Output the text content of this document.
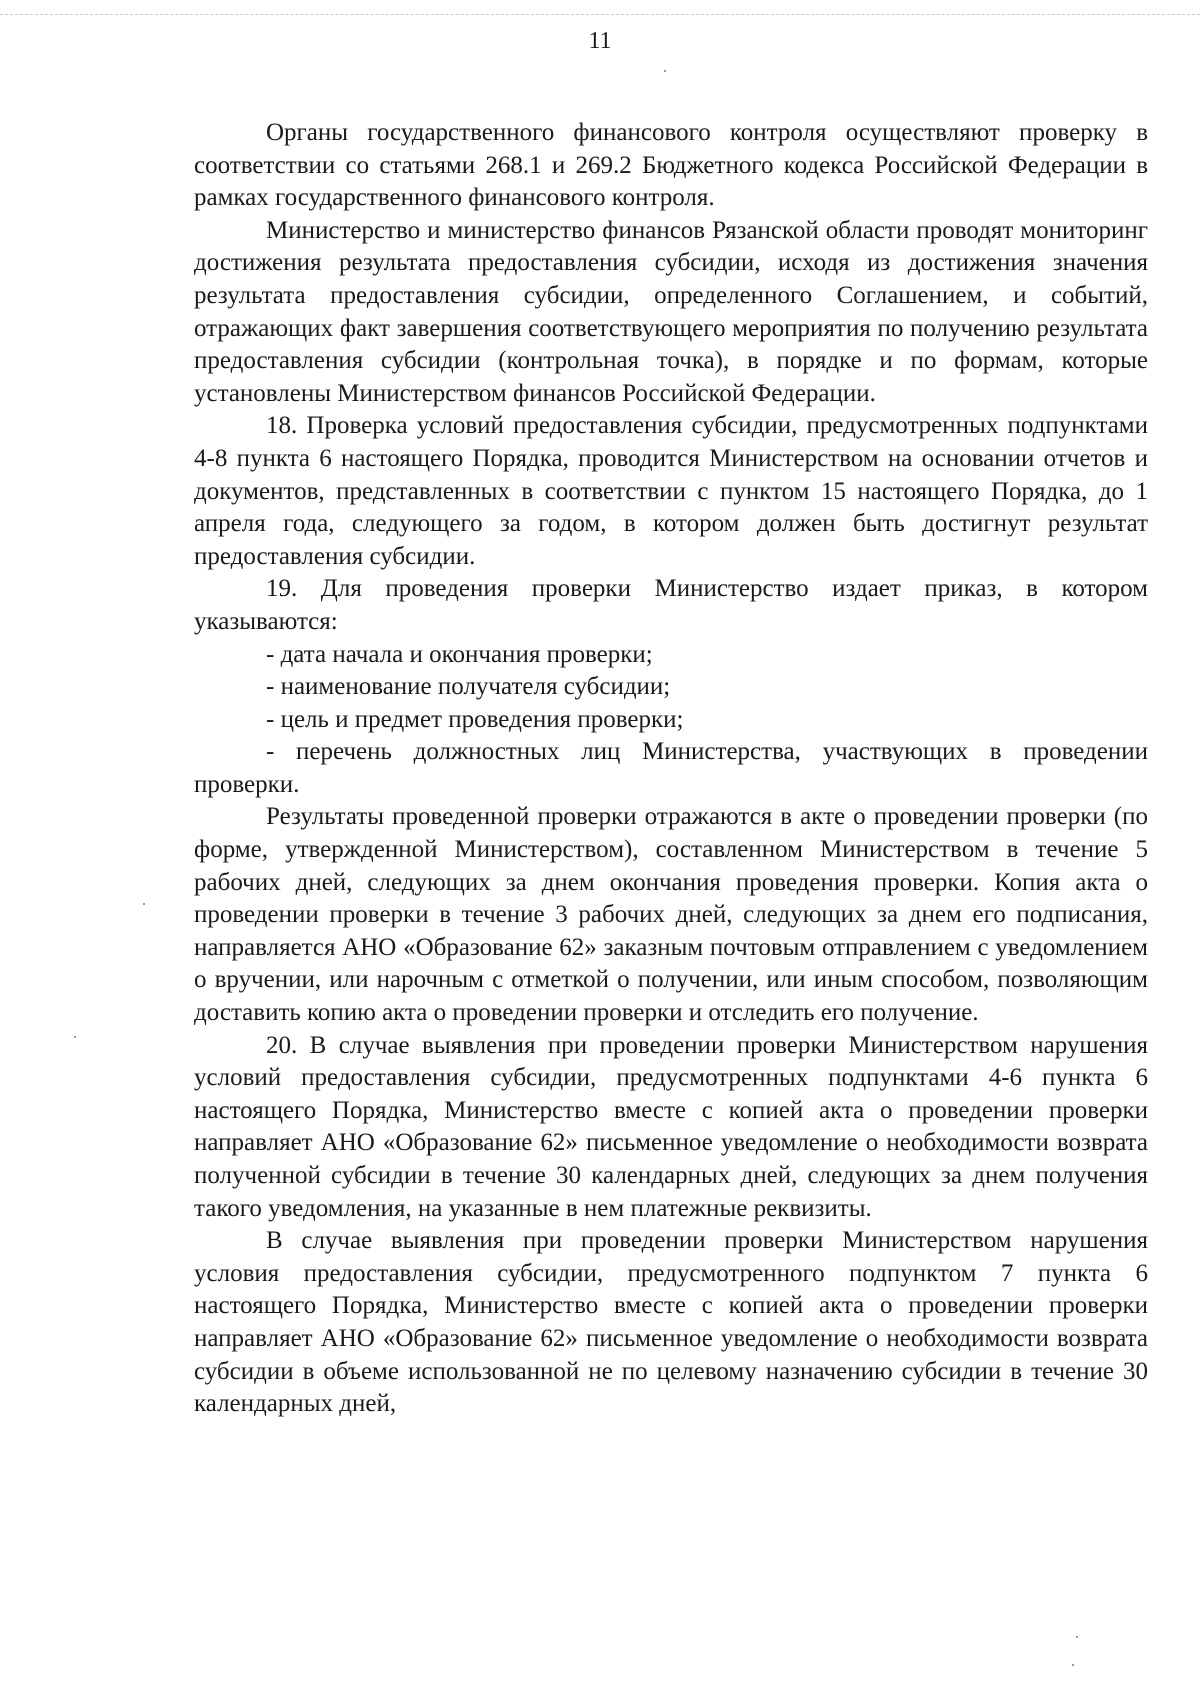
11

Органы государственного финансового контроля осуществляют проверку в соответствии со статьями 268.1 и 269.2 Бюджетного кодекса Российской Федерации в рамках государственного финансового контроля.

Министерство и министерство финансов Рязанской области проводят мониторинг достижения результата предоставления субсидии, исходя из достижения значения результата предоставления субсидии, определенного Соглашением, и событий, отражающих факт завершения соответствующего мероприятия по получению результата предоставления субсидии (контрольная точка), в порядке и по формам, которые установлены Министерством финансов Российской Федерации.

18. Проверка условий предоставления субсидии, предусмотренных подпунктами 4-8 пункта 6 настоящего Порядка, проводится Министерством на основании отчетов и документов, представленных в соответствии с пунктом 15 настоящего Порядка, до 1 апреля года, следующего за годом, в котором должен быть достигнут результат предоставления субсидии.

19. Для проведения проверки Министерство издает приказ, в котором указываются:

- дата начала и окончания проверки;

- наименование получателя субсидии;

- цель и предмет проведения проверки;

- перечень должностных лиц Министерства, участвующих в проведении проверки.

Результаты проведенной проверки отражаются в акте о проведении проверки (по форме, утвержденной Министерством), составленном Министерством в течение 5 рабочих дней, следующих за днем окончания проведения проверки. Копия акта о проведении проверки в течение 3 рабочих дней, следующих за днем его подписания, направляется АНО «Образование 62» заказным почтовым отправлением с уведомлением о вручении, или нарочным с отметкой о получении, или иным способом, позволяющим доставить копию акта о проведении проверки и отследить его получение.

20. В случае выявления при проведении проверки Министерством нарушения условий предоставления субсидии, предусмотренных подпунктами 4-6 пункта 6 настоящего Порядка, Министерство вместе с копией акта о проведении проверки направляет АНО «Образование 62» письменное уведомление о необходимости возврата полученной субсидии в течение 30 календарных дней, следующих за днем получения такого уведомления, на указанные в нем платежные реквизиты.

В случае выявления при проведении проверки Министерством нарушения условия предоставления субсидии, предусмотренного подпунктом 7 пункта 6 настоящего Порядка, Министерство вместе с копией акта о проведении проверки направляет АНО «Образование 62» письменное уведомление о необходимости возврата субсидии в объеме использованной не по целевому назначению субсидии в течение 30 календарных дней,
